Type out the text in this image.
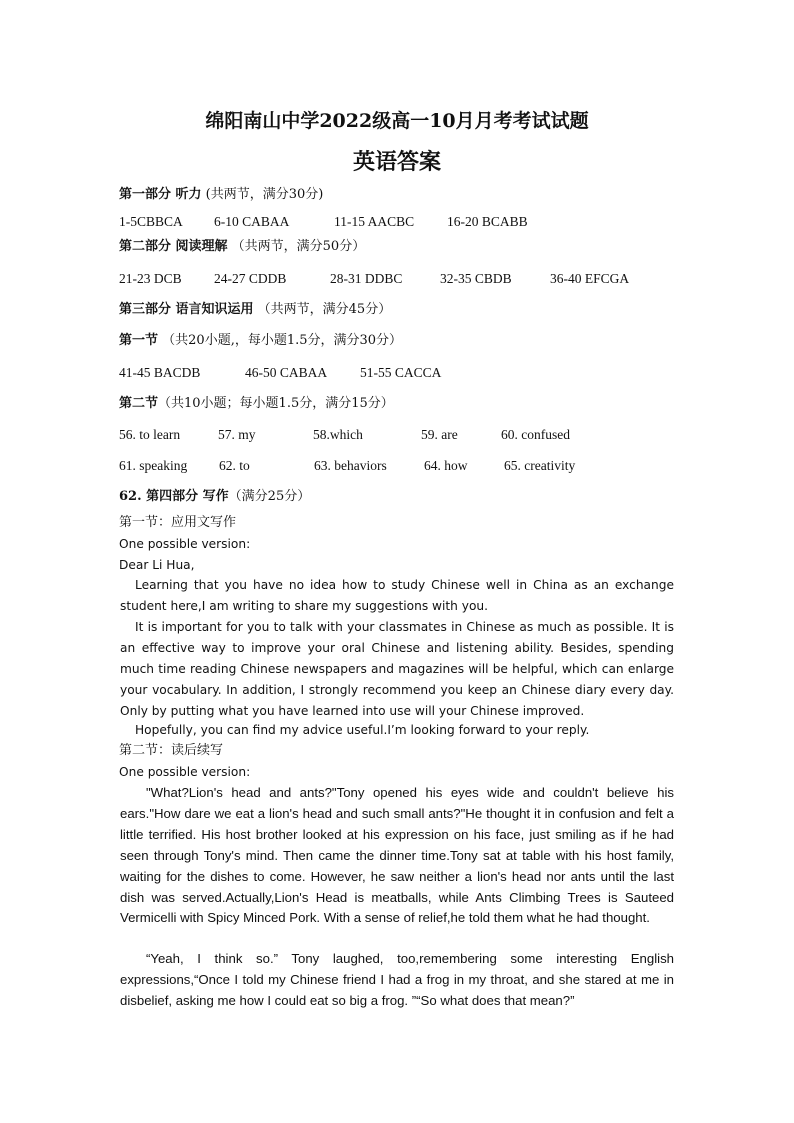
绵阳南山中学2022级高一10月月考考试试题
英语答案
第一部分 听力 (共两节，满分30分)
1-5CBBCA 6-10 CABAA	11-15 AACBC 16-20 BCABB
第二部分 阅读理解 （共两节，满分50分）
21-23 DCB 24-27 CDDB	28-31 DDBC	32-35 CBDB	36-40 EFCGA
第三部分 语言知识运用 （共两节，满分45分）
第一节 （共20小题,，每小题1.5分，满分30分）
41-45 BACDB	46-50 CABAA 51-55 CACCA
第二节（共10小题；每小题1.5分，满分15分）
56. to learn	57. my	58.which	59. are	60. confused
61. speaking 62. to	63. behaviors	64. how	65. creativity
62. 第四部分 写作（满分25分）
第一节：应用文写作
One possible version:
Dear Li Hua,
Learning that you have no idea how to study Chinese well in China as an exchange student here,I am writing to share my suggestions with you.
It is important for you to talk with your classmates in Chinese as much as possible. It is an effective way to improve your oral Chinese and listening ability. Besides, spending much time reading Chinese newspapers and magazines will be helpful, which can enlarge your vocabulary. In addition, I strongly recommend you keep an Chinese diary every day. Only by putting what you have learned into use will your Chinese improved.
Hopefully, you can find my advice useful.I’m looking forward to your reply.
第二节：读后续写
One possible version:
"What?Lion's head and ants?"Tony opened his eyes wide and couldn't believe his ears."How dare we eat a lion's head and such small ants?"He thought it in confusion and felt a little terrified. His host brother looked at his expression on his face, just smiling as if he had seen through Tony's mind. Then came the dinner time.Tony sat at table with his host family, waiting for the dishes to come. However, he saw neither a lion's head nor ants until the last dish was served.Actually,Lion's Head is meatballs, while Ants Climbing Trees is Sauteed Vermicelli with Spicy Minced Pork. With a sense of relief,he told them what he had thought.
“Yeah, I think so.” Tony laughed, too,remembering some interesting English expressions,“Once I told my Chinese friend I had a frog in my throat, and she stared at me in disbelief, asking me how I could eat so big a frog. ”“So what does that mean?”
